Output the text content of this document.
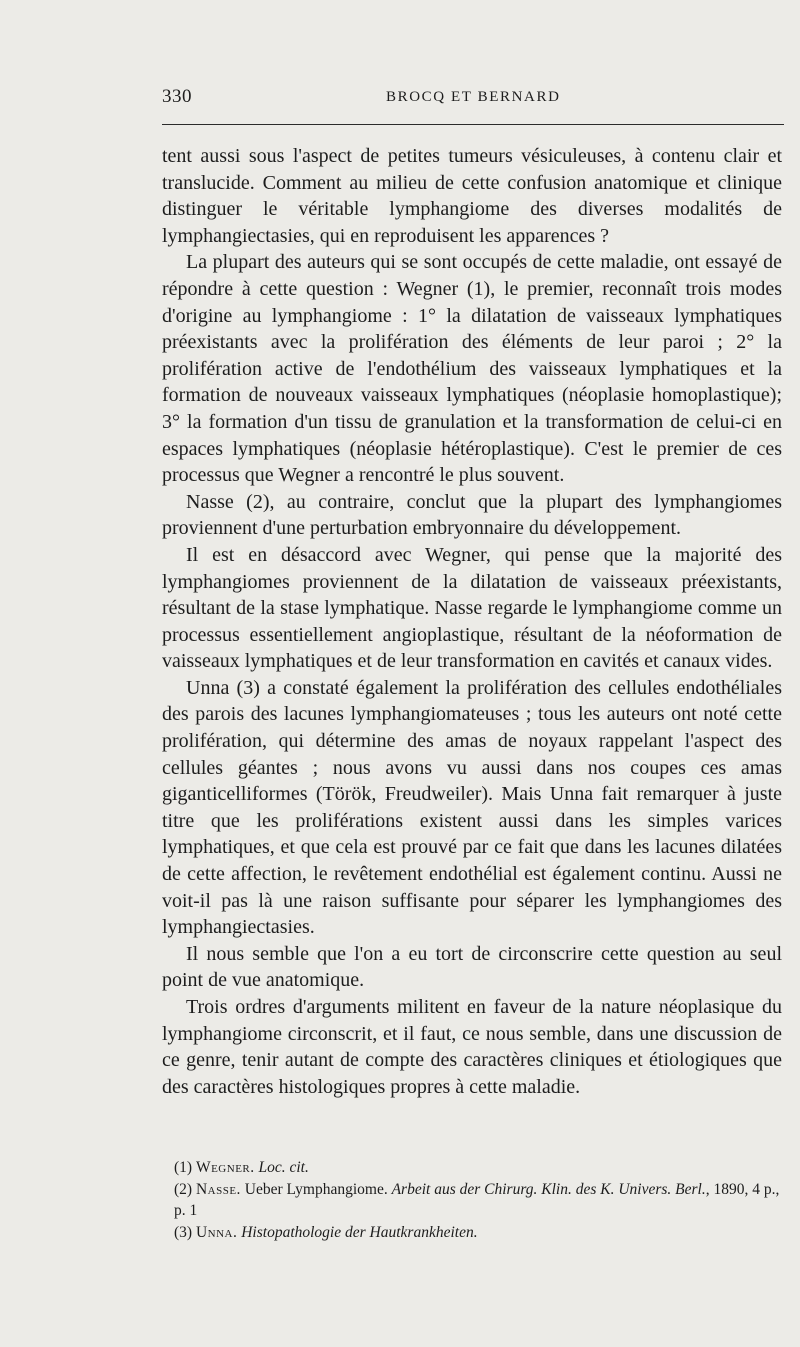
330	BROCQ ET BERNARD

tent aussi sous l'aspect de petites tumeurs vésiculeuses, à contenu clair et translucide. Comment au milieu de cette confusion anatomique et clinique distinguer le véritable lymphangiome des diverses modalités de lymphangiectasies, qui en reproduisent les apparences ?

La plupart des auteurs qui se sont occupés de cette maladie, ont essayé de répondre à cette question : Wegner (1), le premier, reconnaît trois modes d'origine au lymphangiome : 1° la dilatation de vaisseaux lymphatiques préexistants avec la prolifération des éléments de leur paroi ; 2° la prolifération active de l'endothélium des vaisseaux lymphatiques et la formation de nouveaux vaisseaux lymphatiques (néoplasie homoplastique); 3° la formation d'un tissu de granulation et la transformation de celui-ci en espaces lymphatiques (néoplasie hétéroplastique). C'est le premier de ces processus que Wegner a rencontré le plus souvent.

Nasse (2), au contraire, conclut que la plupart des lymphangiomes proviennent d'une perturbation embryonnaire du développement.

Il est en désaccord avec Wegner, qui pense que la majorité des lymphangiomes proviennent de la dilatation de vaisseaux préexistants, résultant de la stase lymphatique. Nasse regarde le lymphangiome comme un processus essentiellement angioplastique, résultant de la néoformation de vaisseaux lymphatiques et de leur transformation en cavités et canaux vides.

Unna (3) a constaté également la prolifération des cellules endothéliales des parois des lacunes lymphangiomateuses ; tous les auteurs ont noté cette prolifération, qui détermine des amas de noyaux rappelant l'aspect des cellules géantes ; nous avons vu aussi dans nos coupes ces amas giganticelliformes (Török, Freudweiler). Mais Unna fait remarquer à juste titre que les proliférations existent aussi dans les simples varices lymphatiques, et que cela est prouvé par ce fait que dans les lacunes dilatées de cette affection, le revêtement endothélial est également continu. Aussi ne voit-il pas là une raison suffisante pour séparer les lymphangiomes des lymphangiectasies.

Il nous semble que l'on a eu tort de circonscrire cette question au seul point de vue anatomique.

Trois ordres d'arguments militent en faveur de la nature néoplasique du lymphangiome circonscrit, et il faut, ce nous semble, dans une discussion de ce genre, tenir autant de compte des caractères cliniques et étiologiques que des caractères histologiques propres à cette maladie.

(1) Wegner. Loc. cit.

(2) Nasse. Ueber Lymphangiome. Arbeit aus der Chirurg. Klin. des K. Univers. Berl., 1890, 4 p., p. 1

(3) Unna. Histopathologie der Hautkrankheiten.
